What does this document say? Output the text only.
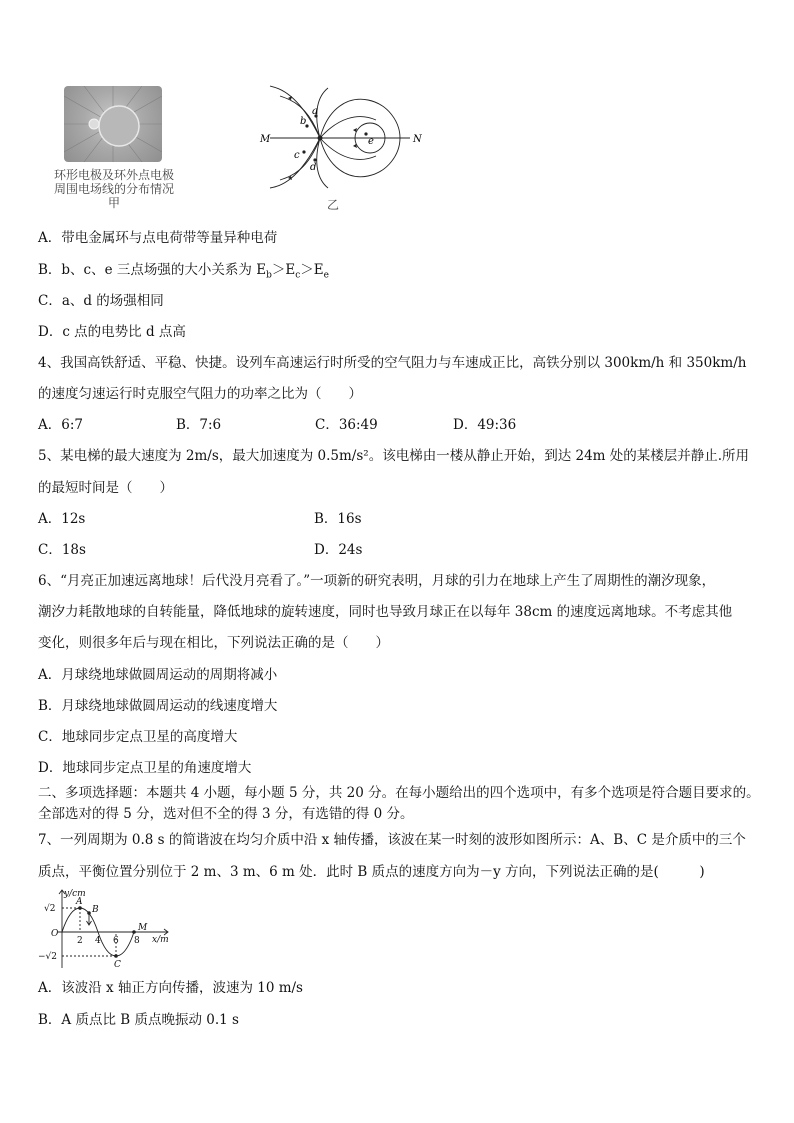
环形电极及环外点电极
周围电场线的分布情况
甲
M	N
a
b
c
d
e
乙
A．带电金属环与点电荷带等量异种电荷
B．b、c、e 三点场强的大小关系为 $E_b>E_c>E_e$
C．a、d 的场强相同
D．c 点的电势比 d 点高
4、我国高铁舒适、平稳、快捷。设列车高速运行时所受的空气阻力与车速成正比，高铁分别以 300km/h 和 350km/h
的速度匀速运行时克服空气阻力的功率之比为（　　）
A．6:7	B．7:6	C．36:49	D．49:36
5、某电梯的最大速度为 2m/s，最大加速度为 0.5m/s²。该电梯由一楼从静止开始，到达 24m 处的某楼层并静止.所用
的最短时间是（　　）
A．12s	B．16s
C．18s	D．24s
6、“月亮正加速远离地球！后代没月亮看了。”一项新的研究表明，月球的引力在地球上产生了周期性的潮汐现象，
潮汐力耗散地球的自转能量，降低地球的旋转速度，同时也导致月球正在以每年 38cm 的速度远离地球。不考虑其他
变化，则很多年后与现在相比，下列说法正确的是（　　）
A．月球绕地球做圆周运动的周期将减小
B．月球绕地球做圆周运动的线速度增大
C．地球同步定点卫星的高度增大
D．地球同步定点卫星的角速度增大
二、多项选择题：本题共 4 小题，每小题 5 分，共 20 分。在每小题给出的四个选项中，有多个选项是符合题目要求的。
全部选对的得 5 分，选对但不全的得 3 分，有选错的得 0 分。
7、一列周期为 0.8 s 的简谐波在均匀介质中沿 x 轴传播，该波在某一时刻的波形如图所示：A、B、C 是介质中的三个
质点，平衡位置分别位于 2 m、3 m、6 m 处．此时 B 质点的速度方向为－y 方向，下列说法正确的是(　　　)
y/cm
x/m
O
√2
−√2
2 4 6 8
A
B
C
M
A．该波沿 x 轴正方向传播，波速为 10 m/s
B．A 质点比 B 质点晚振动 0.1 s
